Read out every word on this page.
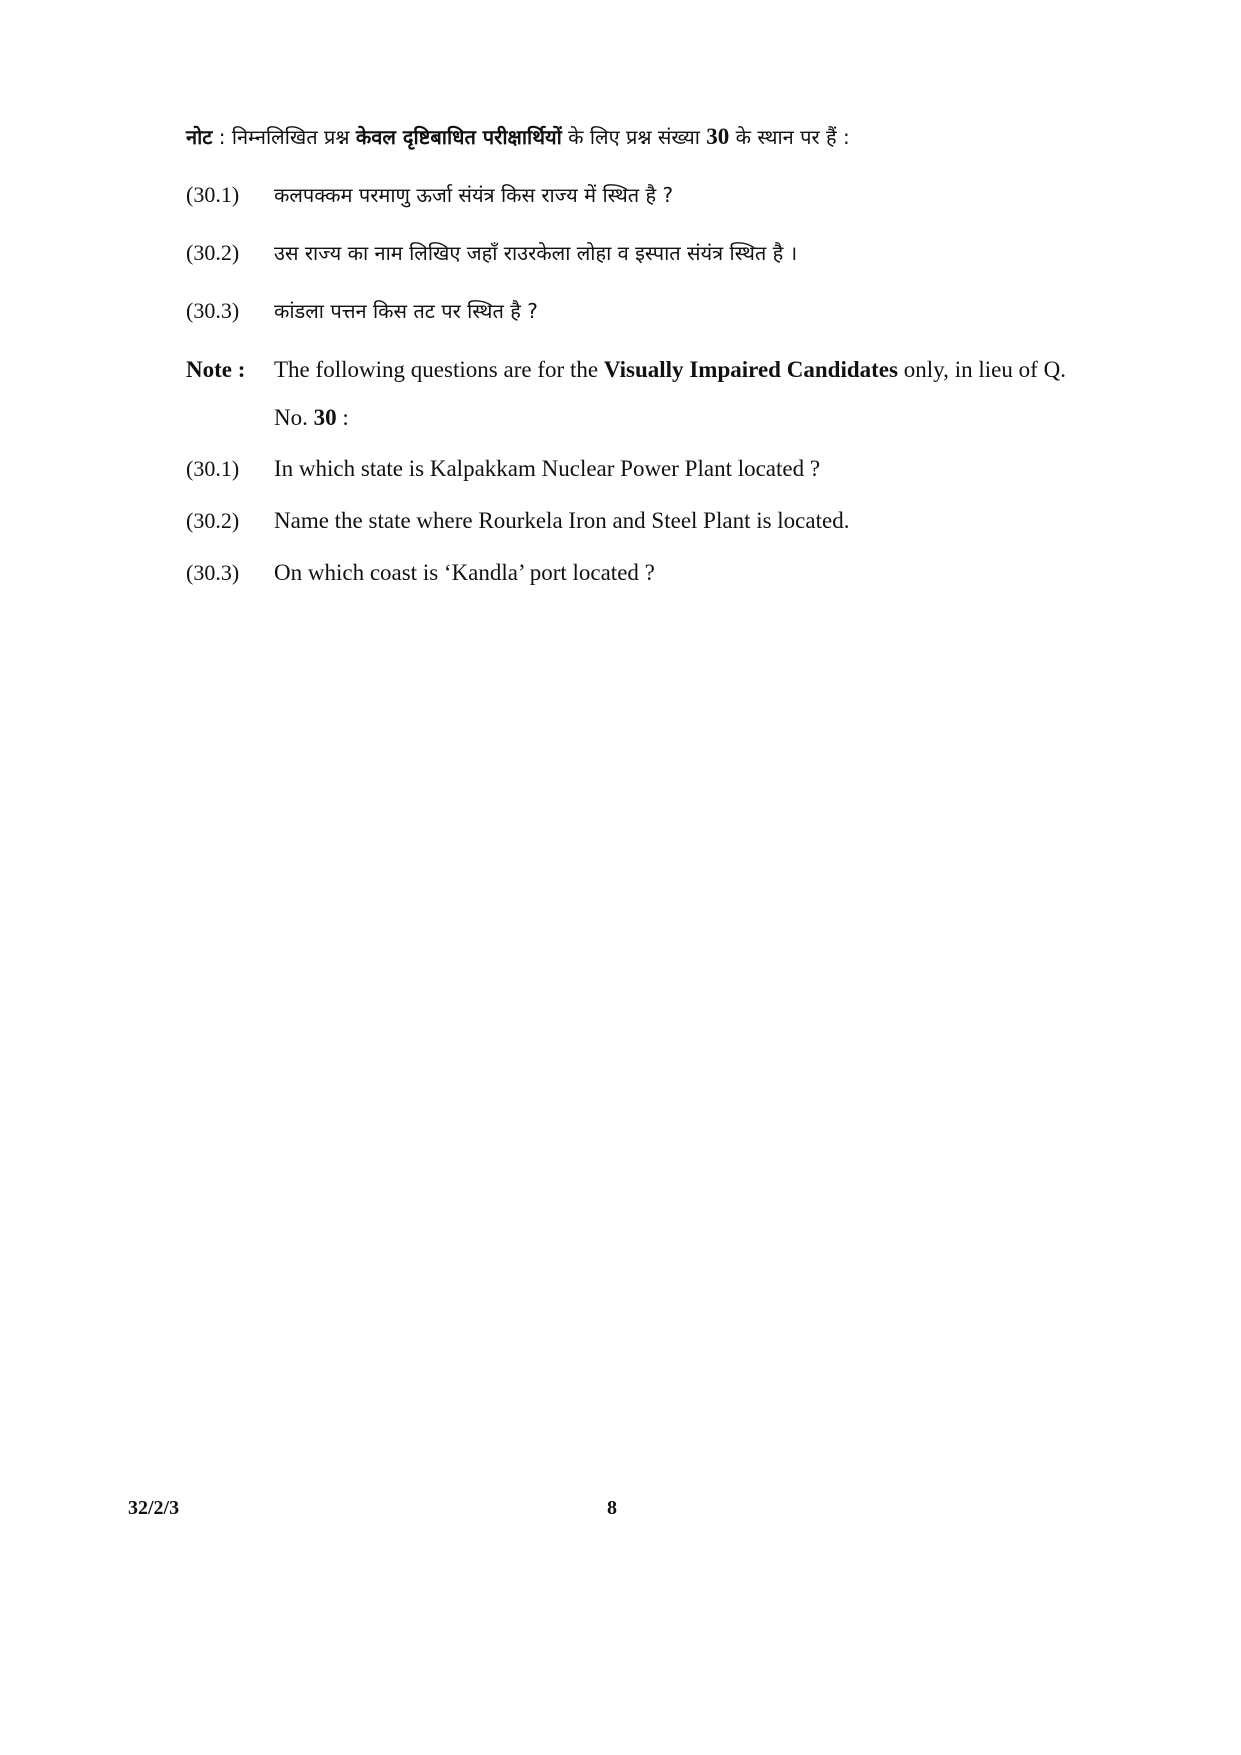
नोट : निम्नलिखित प्रश्न केवल दृष्टिबाधित परीक्षार्थियों के लिए प्रश्न संख्या 30 के स्थान पर हैं :
(30.1) कलपक्कम परमाणु ऊर्जा संयंत्र किस राज्य में स्थित है ?
(30.2) उस राज्य का नाम लिखिए जहाँ राउरकेला लोहा व इस्पात संयंत्र स्थित है ।
(30.3) कांडला पत्तन किस तट पर स्थित है ?
Note : The following questions are for the Visually Impaired Candidates only, in lieu of Q. No. 30 :
(30.1) In which state is Kalpakkam Nuclear Power Plant located ?
(30.2) Name the state where Rourkela Iron and Steel Plant is located.
(30.3) On which coast is ‘Kandla’ port located ?
32/2/3	8
